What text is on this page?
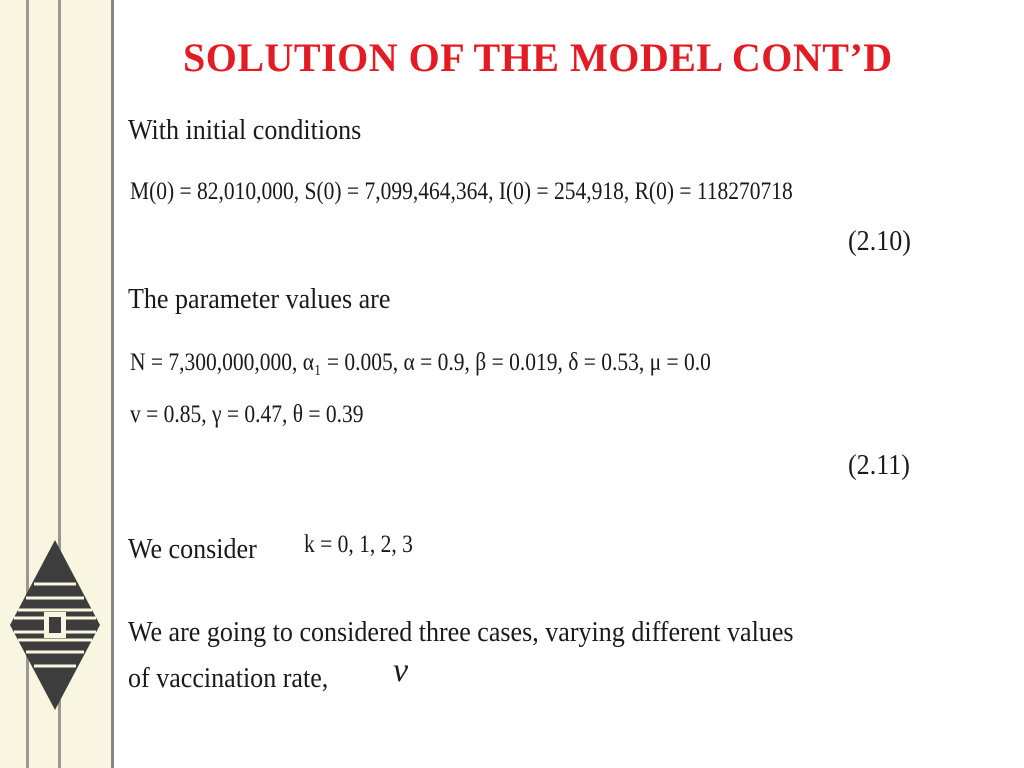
SOLUTION OF THE MODEL CONT’D
With initial conditions
M(0) = 82,010,000, S(0) = 7,099,464,364, I(0) = 254,918, R(0) = 118270718
(2.10)
The parameter values are
N = 7,300,000,000, α₁ = 0.005, α = 0.9, β = 0.019, δ = 0.53, μ = 0.0
v = 0.85, γ = 0.47, θ = 0.39
(2.11)
We consider k = 0, 1, 2, 3
We are going to considered three cases, varying different values
of vaccination rate, v
